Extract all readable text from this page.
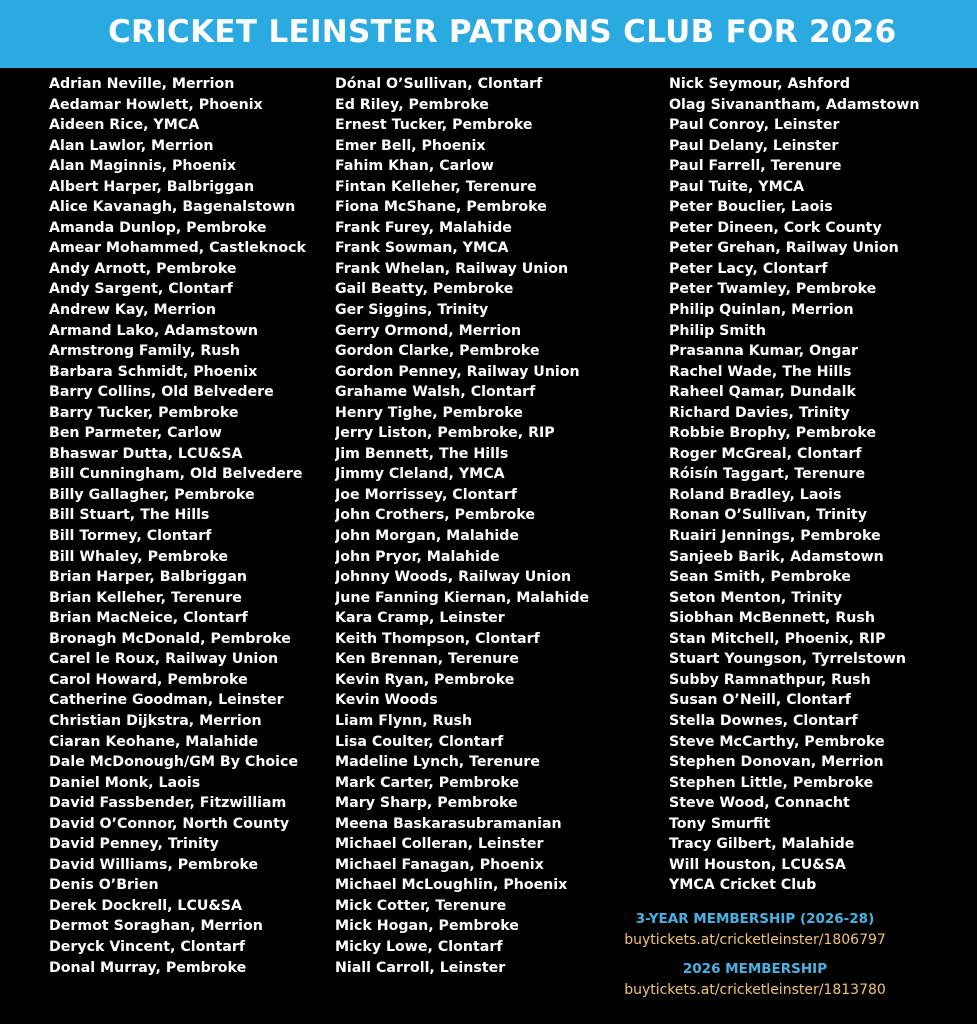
CRICKET LEINSTER PATRONS CLUB FOR 2026
Adrian Neville, Merrion
Aedamar Howlett, Phoenix
Aideen Rice, YMCA
Alan Lawlor, Merrion
Alan Maginnis, Phoenix
Albert Harper, Balbriggan
Alice Kavanagh, Bagenalstown
Amanda Dunlop, Pembroke
Amear Mohammed, Castleknock
Andy Arnott, Pembroke
Andy Sargent, Clontarf
Andrew Kay, Merrion
Armand Lako, Adamstown
Armstrong Family, Rush
Barbara Schmidt, Phoenix
Barry Collins, Old Belvedere
Barry Tucker, Pembroke
Ben Parmeter, Carlow
Bhaswar Dutta, LCU&SA
Bill Cunningham, Old Belvedere
Billy Gallagher, Pembroke
Bill Stuart, The Hills
Bill Tormey, Clontarf
Bill Whaley, Pembroke
Brian Harper, Balbriggan
Brian Kelleher, Terenure
Brian MacNeice, Clontarf
Bronagh McDonald, Pembroke
Carel le Roux, Railway Union
Carol Howard, Pembroke
Catherine Goodman, Leinster
Christian Dijkstra, Merrion
Ciaran Keohane, Malahide
Dale McDonough/GM By Choice
Daniel Monk, Laois
David Fassbender, Fitzwilliam
David O’Connor, North County
David Penney, Trinity
David Williams, Pembroke
Denis O’Brien
Derek Dockrell, LCU&SA
Dermot Soraghan, Merrion
Deryck Vincent, Clontarf
Donal Murray, Pembroke
Dónal O’Sullivan, Clontarf
Ed Riley, Pembroke
Ernest Tucker, Pembroke
Emer Bell, Phoenix
Fahim Khan, Carlow
Fintan Kelleher, Terenure
Fiona McShane, Pembroke
Frank Furey, Malahide
Frank Sowman, YMCA
Frank Whelan, Railway Union
Gail Beatty, Pembroke
Ger Siggins, Trinity
Gerry Ormond, Merrion
Gordon Clarke, Pembroke
Gordon Penney, Railway Union
Grahame Walsh, Clontarf
Henry Tighe, Pembroke
Jerry Liston, Pembroke, RIP
Jim Bennett, The Hills
Jimmy Cleland, YMCA
Joe Morrissey, Clontarf
John Crothers, Pembroke
John Morgan, Malahide
John Pryor, Malahide
Johnny Woods, Railway Union
June Fanning Kiernan, Malahide
Kara Cramp, Leinster
Keith Thompson, Clontarf
Ken Brennan, Terenure
Kevin Ryan, Pembroke
Kevin Woods
Liam Flynn, Rush
Lisa Coulter, Clontarf
Madeline Lynch, Terenure
Mark Carter, Pembroke
Mary Sharp, Pembroke
Meena Baskarasubramanian
Michael Colleran, Leinster
Michael Fanagan, Phoenix
Michael McLoughlin, Phoenix
Mick Cotter, Terenure
Mick Hogan, Pembroke
Micky Lowe, Clontarf
Niall Carroll, Leinster
Nick Seymour, Ashford
Olag Sivanantham, Adamstown
Paul Conroy, Leinster
Paul Delany, Leinster
Paul Farrell, Terenure
Paul Tuite, YMCA
Peter Bouclier, Laois
Peter Dineen, Cork County
Peter Grehan, Railway Union
Peter Lacy, Clontarf
Peter Twamley, Pembroke
Philip Quinlan, Merrion
Philip Smith
Prasanna Kumar, Ongar
Rachel Wade, The Hills
Raheel Qamar, Dundalk
Richard Davies, Trinity
Robbie Brophy, Pembroke
Roger McGreal, Clontarf
Róisín Taggart, Terenure
Roland Bradley, Laois
Ronan O’Sullivan, Trinity
Ruairi Jennings, Pembroke
Sanjeeb Barik, Adamstown
Sean Smith, Pembroke
Seton Menton, Trinity
Siobhan McBennett, Rush
Stan Mitchell, Phoenix, RIP
Stuart Youngson, Tyrrelstown
Subby Ramnathpur, Rush
Susan O’Neill, Clontarf
Stella Downes, Clontarf
Steve McCarthy, Pembroke
Stephen Donovan, Merrion
Stephen Little, Pembroke
Steve Wood, Connacht
Tony Smurfit
Tracy Gilbert, Malahide
Will Houston, LCU&SA
YMCA Cricket Club
3-YEAR MEMBERSHIP (2026-28)
buytickets.at/cricketleinster/1806797
2026 MEMBERSHIP
buytickets.at/cricketleinster/1813780
